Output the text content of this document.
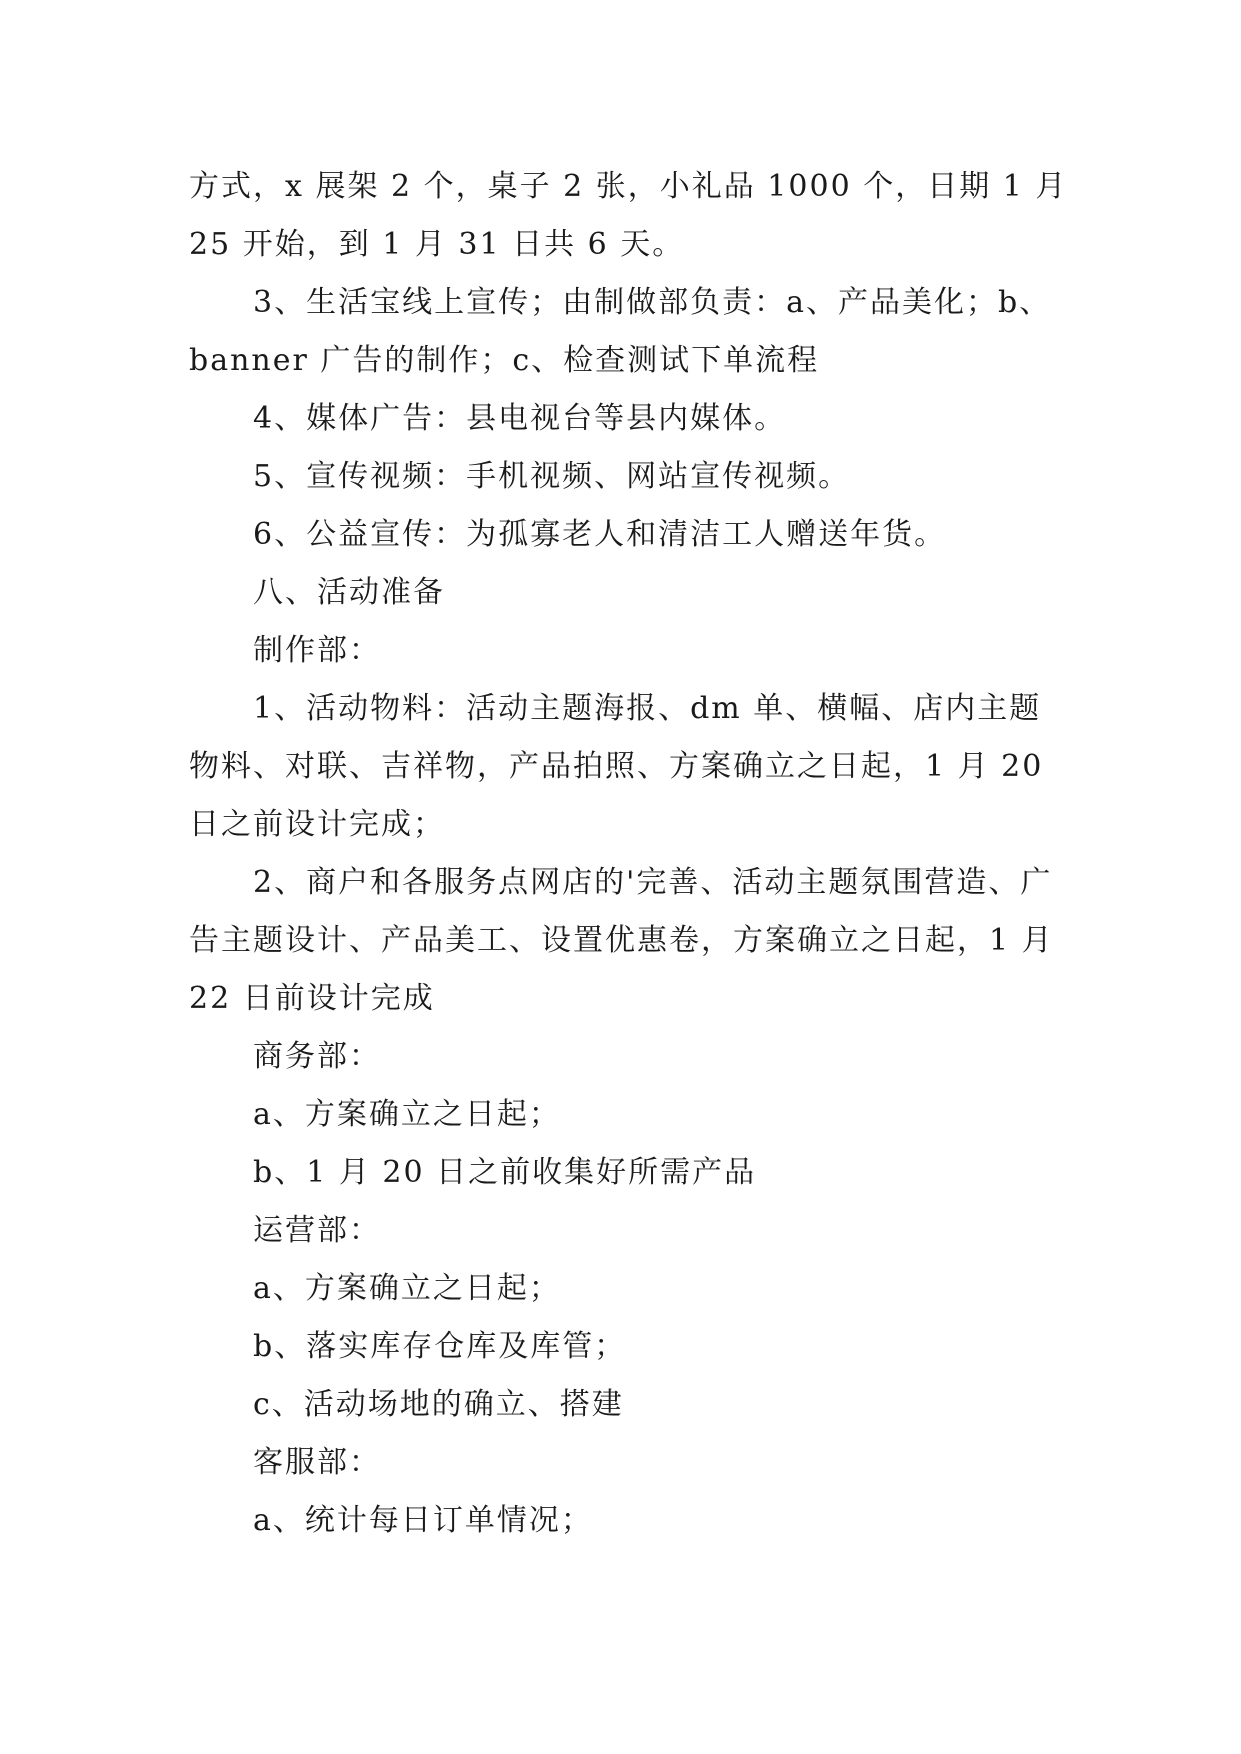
方式，x 展架 2 个，桌子 2 张，小礼品 1000 个，日期 1 月 25 开始，到 1 月 31 日共 6 天。

3、生活宝线上宣传；由制做部负责：a、产品美化；b、banner 广告的制作；c、检查测试下单流程

4、媒体广告：县电视台等县内媒体。

5、宣传视频：手机视频、网站宣传视频。

6、公益宣传：为孤寡老人和清洁工人赠送年货。

八、活动准备

制作部：

1、活动物料：活动主题海报、dm 单、横幅、店内主题物料、对联、吉祥物，产品拍照、方案确立之日起，1 月 20 日之前设计完成；

2、商户和各服务点网店的'完善、活动主题氛围营造、广告主题设计、产品美工、设置优惠卷，方案确立之日起，1 月 22 日前设计完成

商务部：

a、方案确立之日起；

b、1 月 20 日之前收集好所需产品

运营部：

a、方案确立之日起；

b、落实库存仓库及库管；

c、活动场地的确立、搭建

客服部：

a、统计每日订单情况；
